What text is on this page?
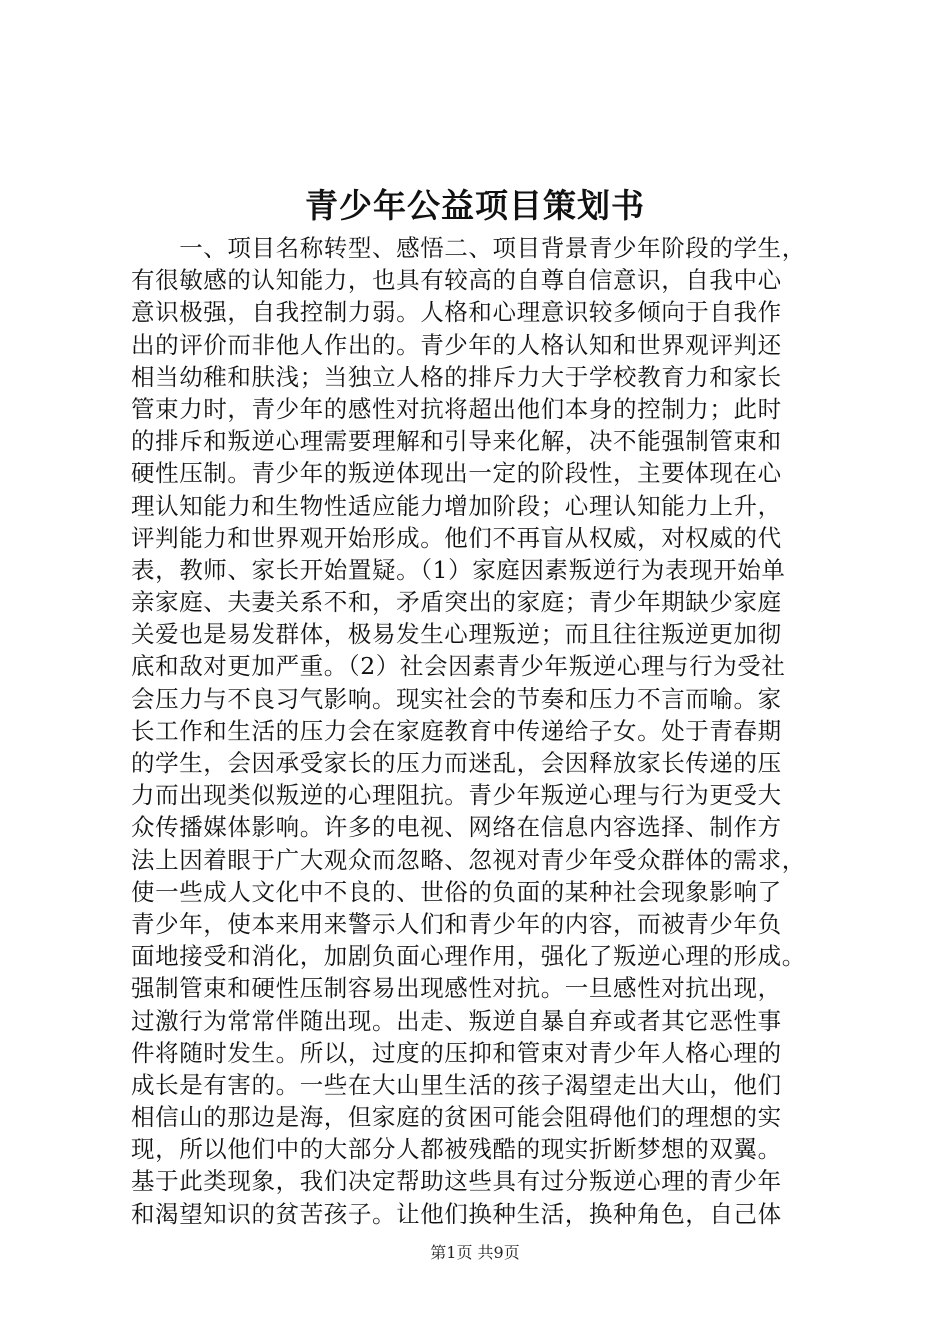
青少年公益项目策划书
　　一、项目名称转型、感悟二、项目背景青少年阶段的学生，
有很敏感的认知能力，也具有较高的自尊自信意识，自我中心
意识极强，自我控制力弱。人格和心理意识较多倾向于自我作
出的评价而非他人作出的。青少年的人格认知和世界观评判还
相当幼稚和肤浅；当独立人格的排斥力大于学校教育力和家长
管束力时，青少年的感性对抗将超出他们本身的控制力；此时
的排斥和叛逆心理需要理解和引导来化解，决不能强制管束和
硬性压制。青少年的叛逆体现出一定的阶段性，主要体现在心
理认知能力和生物性适应能力增加阶段；心理认知能力上升，
评判能力和世界观开始形成。他们不再盲从权威，对权威的代
表，教师、家长开始置疑。（1）家庭因素叛逆行为表现开始单
亲家庭、夫妻关系不和，矛盾突出的家庭；青少年期缺少家庭
关爱也是易发群体，极易发生心理叛逆；而且往往叛逆更加彻
底和敌对更加严重。（2）社会因素青少年叛逆心理与行为受社
会压力与不良习气影响。现实社会的节奏和压力不言而喻。家
长工作和生活的压力会在家庭教育中传递给子女。处于青春期
的学生，会因承受家长的压力而迷乱，会因释放家长传递的压
力而出现类似叛逆的心理阻抗。青少年叛逆心理与行为更受大
众传播媒体影响。许多的电视、网络在信息内容选择、制作方
法上因着眼于广大观众而忽略、忽视对青少年受众群体的需求，
使一些成人文化中不良的、世俗的负面的某种社会现象影响了
青少年，使本来用来警示人们和青少年的内容，而被青少年负
面地接受和消化，加剧负面心理作用，强化了叛逆心理的形成。
强制管束和硬性压制容易出现感性对抗。一旦感性对抗出现，
过激行为常常伴随出现。出走、叛逆自暴自弃或者其它恶性事
件将随时发生。所以，过度的压抑和管束对青少年人格心理的
成长是有害的。一些在大山里生活的孩子渴望走出大山，他们
相信山的那边是海，但家庭的贫困可能会阻碍他们的理想的实
现，所以他们中的大部分人都被残酷的现实折断梦想的双翼。
基于此类现象，我们决定帮助这些具有过分叛逆心理的青少年
和渴望知识的贫苦孩子。让他们换种生活，换种角色，自己体
第1页 共9页
